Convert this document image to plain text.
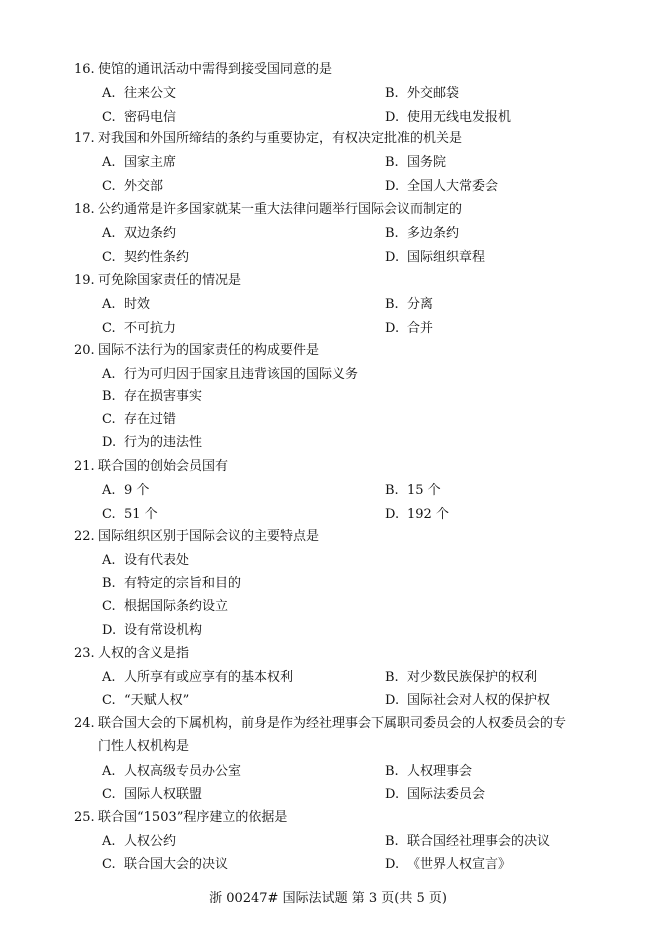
16. 使馆的通讯活动中需得到接受国同意的是
A. 往来公文	B. 外交邮袋
C. 密码电信	D. 使用无线电发报机
17. 对我国和外国所缔结的条约与重要协定，有权决定批准的机关是
A. 国家主席	B. 国务院
C. 外交部	D. 全国人大常委会
18. 公约通常是许多国家就某一重大法律问题举行国际会议而制定的
A. 双边条约	B. 多边条约
C. 契约性条约	D. 国际组织章程
19. 可免除国家责任的情况是
A. 时效	B. 分离
C. 不可抗力	D. 合并
20. 国际不法行为的国家责任的构成要件是
A. 行为可归因于国家且违背该国的国际义务
B. 存在损害事实
C. 存在过错
D. 行为的违法性
21. 联合国的创始会员国有
A. 9 个	B. 15 个
C. 51 个	D. 192 个
22. 国际组织区别于国际会议的主要特点是
A. 设有代表处
B. 有特定的宗旨和目的
C. 根据国际条约设立
D. 设有常设机构
23. 人权的含义是指
A. 人所享有或应享有的基本权利	B. 对少数民族保护的权利
C. “天赋人权”	D. 国际社会对人权的保护权
24. 联合国大会的下属机构，前身是作为经社理事会下属职司委员会的人权委员会的专
门性人权机构是
A. 人权高级专员办公室	B. 人权理事会
C. 国际人权联盟	D. 国际法委员会
25. 联合国“1503”程序建立的依据是
A. 人权公约	B. 联合国经社理事会的决议
C. 联合国大会的决议	D. 《世界人权宣言》
浙 00247# 国际法试题 第 3 页(共 5 页)
